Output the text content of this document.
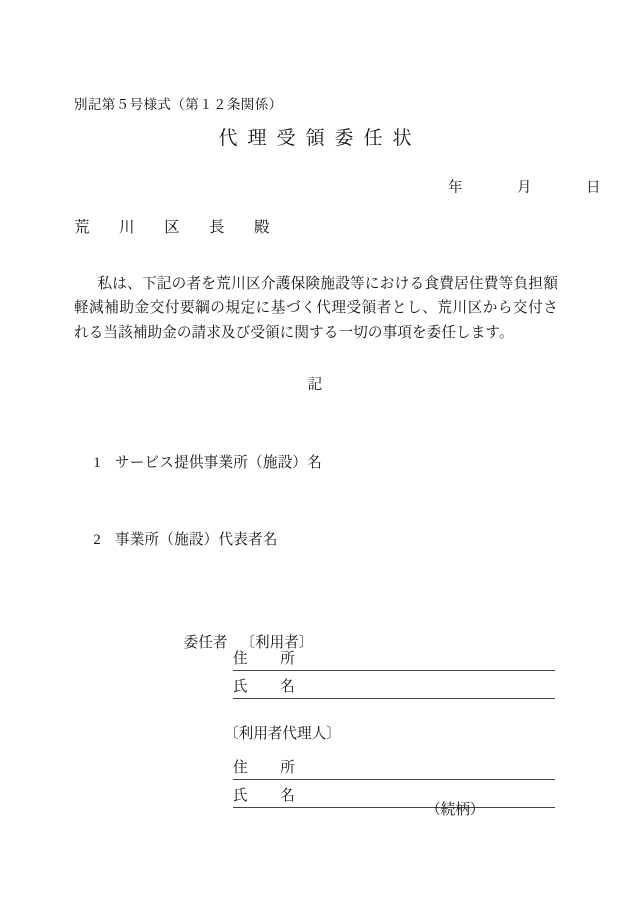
別記第５号様式（第１２条関係）
代理受領委任状
年　月　日
荒　川　区　長　殿
私は、下記の者を荒川区介護保険施設等における食費居住費等負担額軽減補助金交付要綱の規定に基づく代理受領者とし、荒川区から交付される当該補助金の請求及び受領に関する一切の事項を委任します。
記

1 サービス提供事業所（施設）名

2 事業所（施設）代表者名

委任者 〔利用者〕

住　所
氏　名
〔利用者代理人〕
住　所
氏　名
（続柄）
